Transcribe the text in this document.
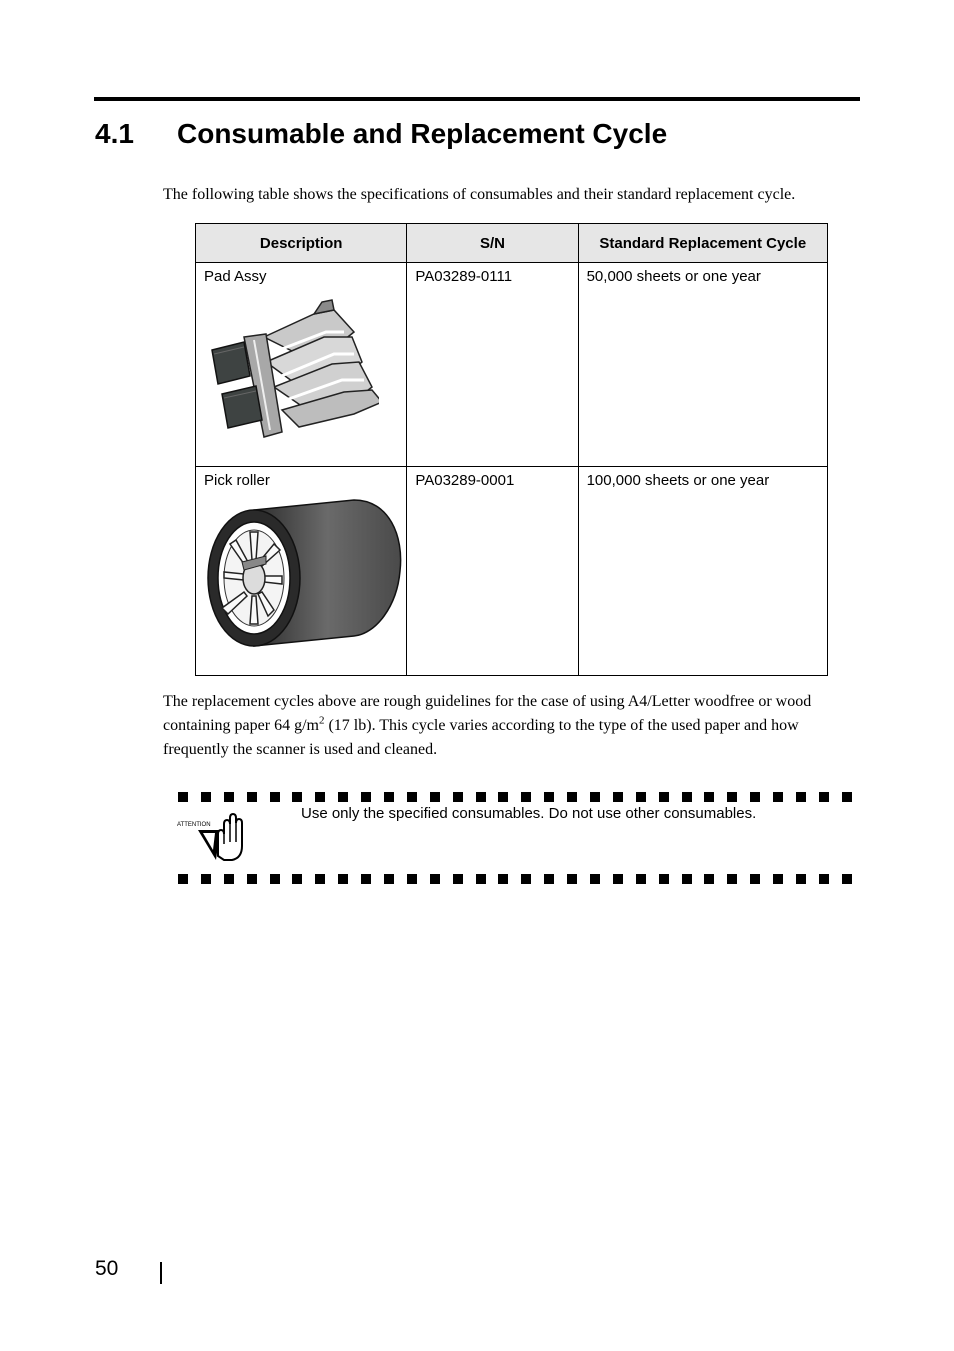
4.1 Consumable and Replacement Cycle

The following table shows the specifications of consumables and their standard replacement cycle.

Description	S/N	Standard Replacement Cycle
Pad Assy	PA03289-0111	50,000 sheets or one year
Pick roller	PA03289-0001	100,000 sheets or one year

The replacement cycles above are rough guidelines for the case of using A4/Letter woodfree or wood containing paper 64 $g/m^2$ (17 lb). This cycle varies according to the type of the used paper and how frequently the scanner is used and cleaned.

ATTENTION

Use only the specified consumables. Do not use other consumables.

50
